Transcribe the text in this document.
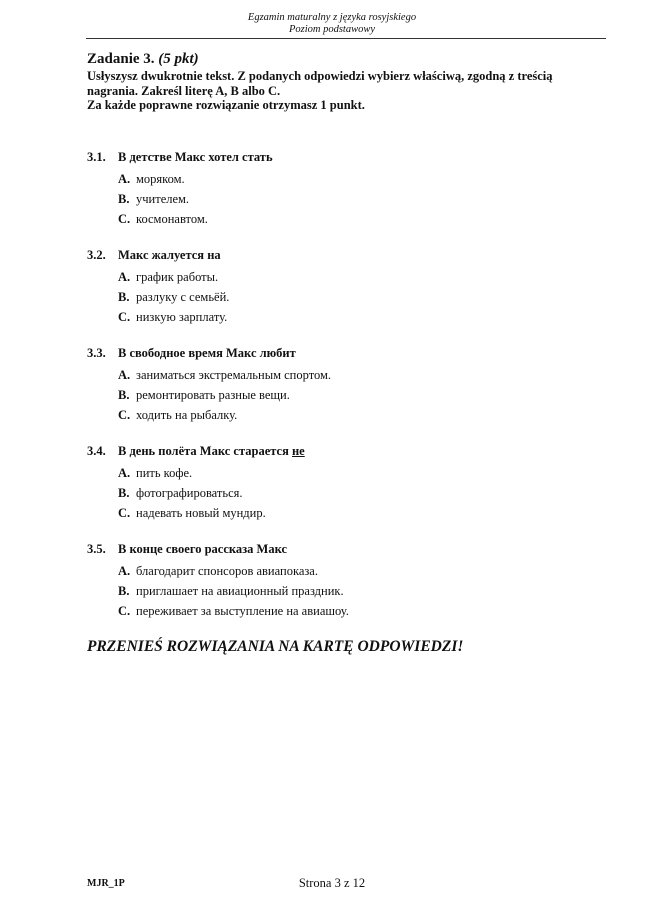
Egzamin maturalny z języka rosyjskiego
Poziom podstawowy
Zadanie 3. (5 pkt)
Usłyszysz dwukrotnie tekst. Z podanych odpowiedzi wybierz właściwą, zgodną z treścią
nagrania. Zakreśl literę A, B albo C.
Za każde poprawne rozwiązanie otrzymasz 1 punkt.
3.1. В детстве Макс хотел стать
A. моряком.
B. учителем.
C. космонавтом.
3.2. Макс жалуется на
A. график работы.
B. разлуку с семьёй.
C. низкую зарплату.
3.3. В свободное время Макс любит
A. заниматься экстремальным спортом.
B. ремонтировать разные вещи.
C. ходить на рыбалку.
3.4. В день полёта Макс старается не
A. пить кофе.
B. фотографироваться.
C. надевать новый мундир.
3.5. В конце своего рассказа Макс
A. благодарит спонсоров авиапоказа.
B. приглашает на авиационный праздник.
C. переживает за выступление на авиашоу.
PRZENIEŚ ROZWIĄZANIA NA KARTĘ ODPOWIEDZI!
MJR_1P	Strona 3 z 12
